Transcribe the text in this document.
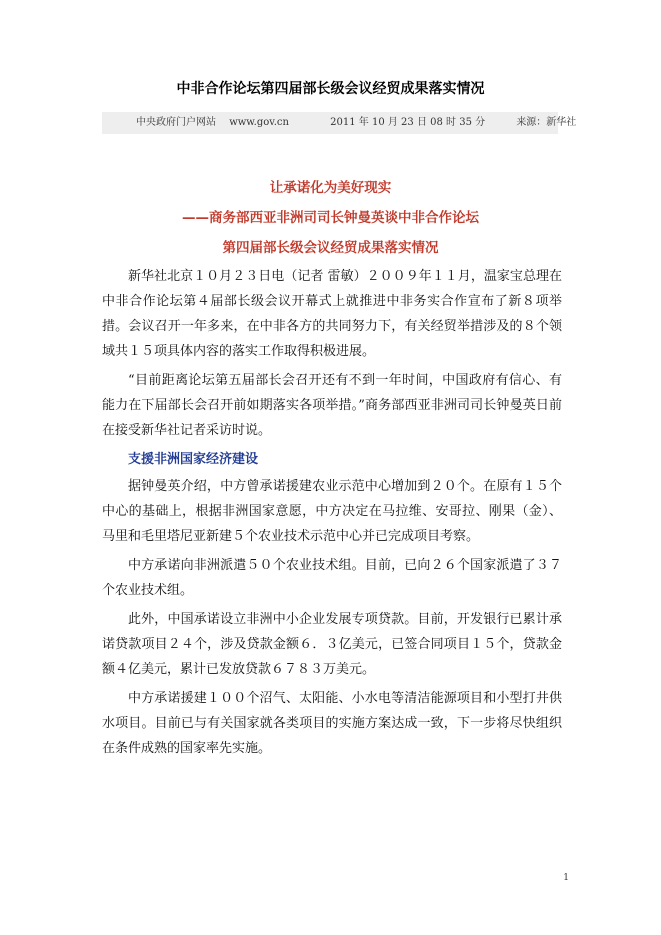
中非合作论坛第四届部长级会议经贸成果落实情况
中央政府门户网站 www.gov.cn	2011 年 10 月 23 日 08 时 35 分	来源：新华社
让承诺化为美好现实
——商务部西亚非洲司司长钟曼英谈中非合作论坛
第四届部长级会议经贸成果落实情况

新华社北京１０月２３日电（记者 雷敏）２００９年１１月，温家宝总理在中非合作论坛第４届部长级会议开幕式上就推进中非务实合作宣布了新８项举措。会议召开一年多来，在中非各方的共同努力下，有关经贸举措涉及的８个领域共１５项具体内容的落实工作取得积极进展。

“目前距离论坛第五届部长会召开还有不到一年时间，中国政府有信心、有能力在下届部长会召开前如期落实各项举措。”商务部西亚非洲司司长钟曼英日前在接受新华社记者采访时说。

支援非洲国家经济建设

据钟曼英介绍，中方曾承诺援建农业示范中心增加到２０个。在原有１５个中心的基础上，根据非洲国家意愿，中方决定在马拉维、安哥拉、刚果（金）、马里和毛里塔尼亚新建５个农业技术示范中心并已完成项目考察。

中方承诺向非洲派遣５０个农业技术组。目前，已向２６个国家派遣了３７个农业技术组。

此外，中国承诺设立非洲中小企业发展专项贷款。目前，开发银行已累计承诺贷款项目２４个，涉及贷款金额６．３亿美元，已签合同项目１５个，贷款金额４亿美元，累计已发放贷款６７８３万美元。

中方承诺援建１００个沼气、太阳能、小水电等清洁能源项目和小型打井供水项目。目前已与有关国家就各类项目的实施方案达成一致，下一步将尽快组织在条件成熟的国家率先实施。

1
